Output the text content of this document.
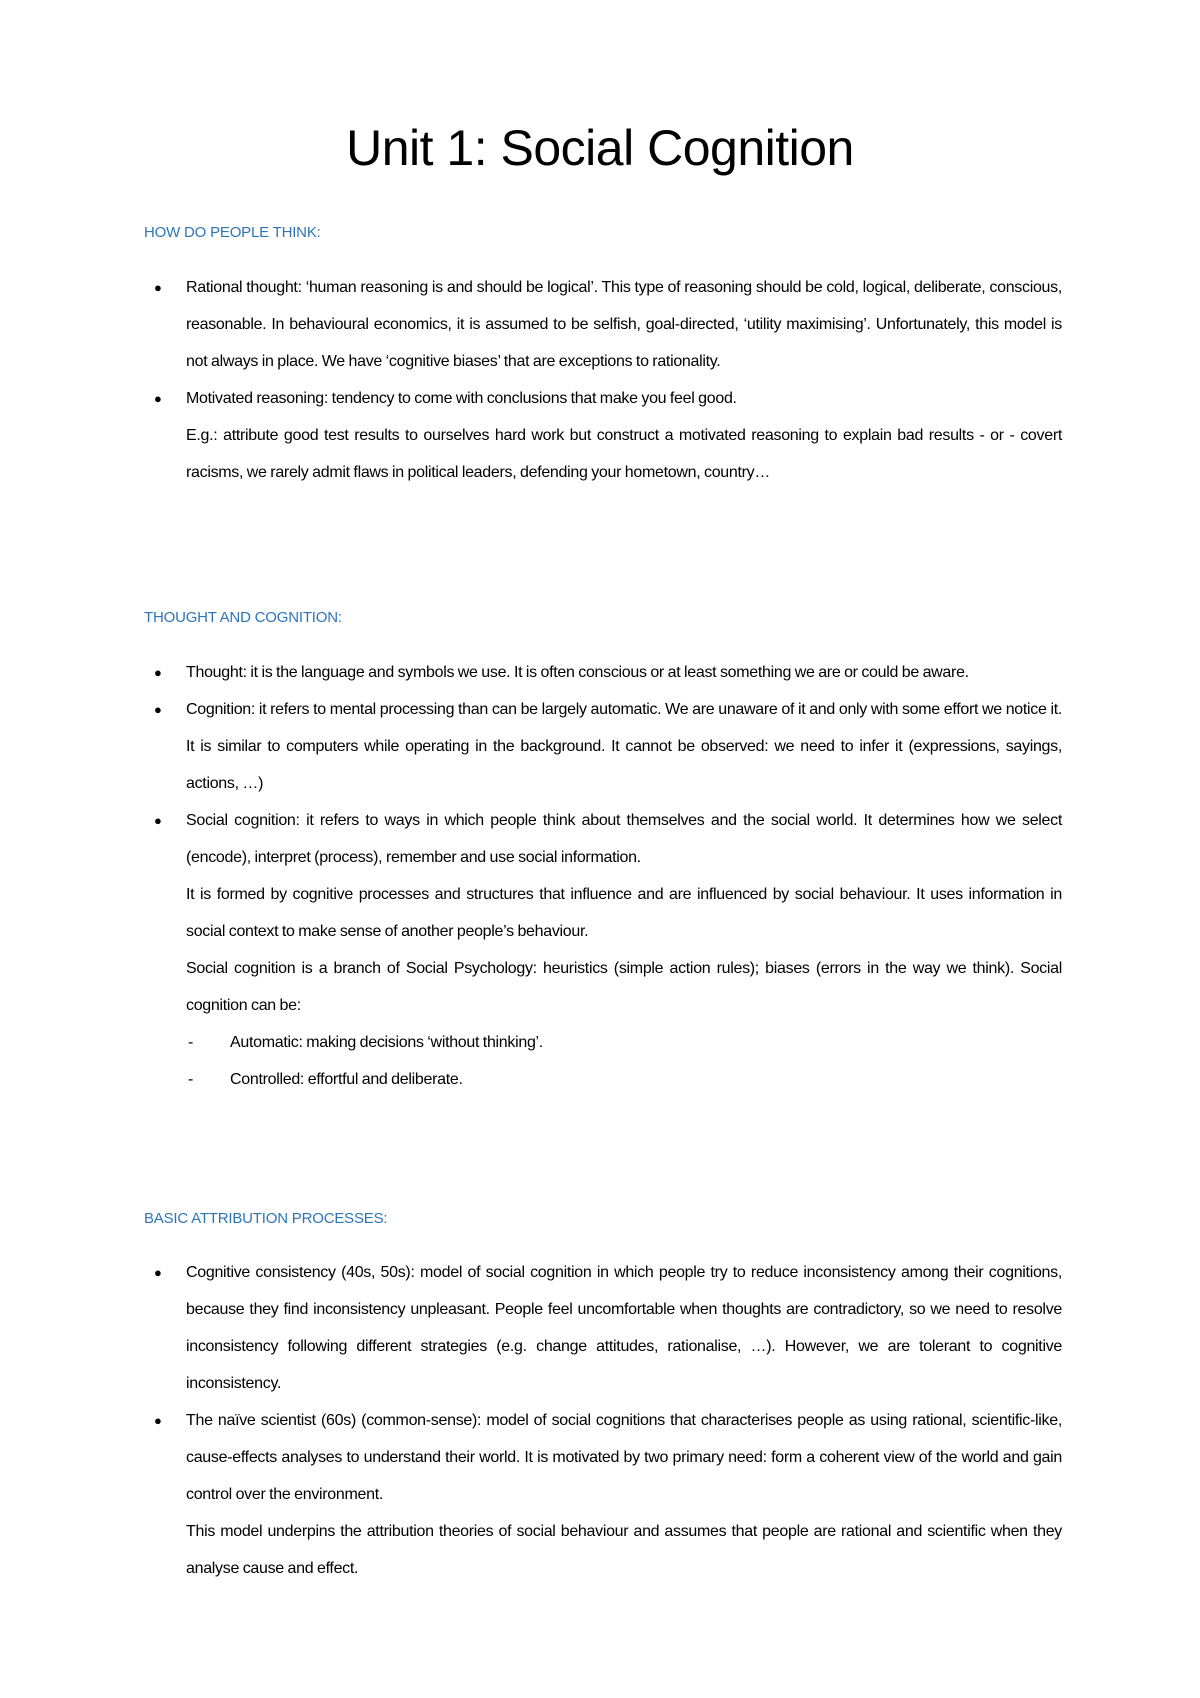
Unit 1: Social Cognition
HOW DO PEOPLE THINK:
● Rational thought: ‘human reasoning is and should be logical’. This type of reasoning should be cold, logical, deliberate, conscious, reasonable. In behavioural economics, it is assumed to be selfish, goal-directed, ‘utility maximising’. Unfortunately, this model is not always in place. We have ‘cognitive biases’ that are exceptions to rationality.
● Motivated reasoning: tendency to come with conclusions that make you feel good.
E.g.: attribute good test results to ourselves hard work but construct a motivated reasoning to explain bad results - or - covert racisms, we rarely admit flaws in political leaders, defending your hometown, country…
THOUGHT AND COGNITION:
● Thought: it is the language and symbols we use. It is often conscious or at least something we are or could be aware.
● Cognition: it refers to mental processing than can be largely automatic. We are unaware of it and only with some effort we notice it. It is similar to computers while operating in the background. It cannot be observed: we need to infer it (expressions, sayings, actions, …)
● Social cognition: it refers to ways in which people think about themselves and the social world. It determines how we select (encode), interpret (process), remember and use social information.
It is formed by cognitive processes and structures that influence and are influenced by social behaviour. It uses information in social context to make sense of another people’s behaviour.
Social cognition is a branch of Social Psychology: heuristics (simple action rules); biases (errors in the way we think). Social cognition can be:
- Automatic: making decisions ‘without thinking’.
- Controlled: effortful and deliberate.
BASIC ATTRIBUTION PROCESSES:
● Cognitive consistency (40s, 50s): model of social cognition in which people try to reduce inconsistency among their cognitions, because they find inconsistency unpleasant. People feel uncomfortable when thoughts are contradictory, so we need to resolve inconsistency following different strategies (e.g. change attitudes, rationalise, …). However, we are tolerant to cognitive inconsistency.
● The naïve scientist (60s) (common-sense): model of social cognitions that characterises people as using rational, scientific-like, cause-effects analyses to understand their world. It is motivated by two primary need: form a coherent view of the world and gain control over the environment.
This model underpins the attribution theories of social behaviour and assumes that people are rational and scientific when they analyse cause and effect.
